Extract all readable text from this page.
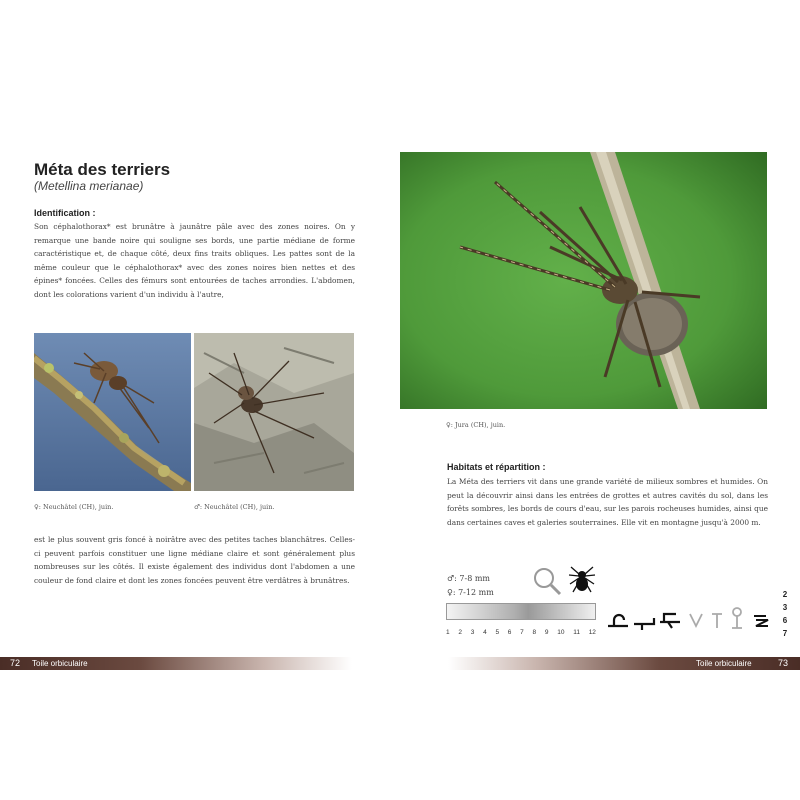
Méta des terriers
(Metellina merianae)
Identification :
Son céphalothorax* est brunâtre à jaunâtre pâle avec des zones noires. On y remarque une bande noire qui souligne ses bords, une partie médiane de forme caractéristique et, de chaque côté, deux fins traits obliques. Les pattes sont de la même couleur que le céphalothorax* avec des zones noires bien nettes et des épines* foncées. Celles des fémurs sont entourées de taches arrondies. L'abdomen, dont les colorations varient d'un individu à l'autre,
♀: Neuchâtel (CH), juin.	♂: Neuchâtel (CH), juin.
est le plus souvent gris foncé à noirâtre avec des petites taches blanchâtres. Celles-ci peuvent parfois constituer une ligne médiane claire et sont généralement plus nombreuses sur les côtés. Il existe également des individus dont l'abdomen a une couleur de fond claire et dont les zones foncées peuvent être verdâtres à brunâtres.
72 Toile orbiculaire
♀: Jura (CH), juin.
Habitats et répartition :
La Méta des terriers vit dans une grande variété de milieux sombres et humides. On peut la découvrir ainsi dans les entrées de grottes et autres cavités du sol, dans les forêts sombres, les bords de cours d'eau, sur les parois rocheuses humides, ainsi que dans certaines caves et galeries souterraines. Elle vit en montagne jusqu'à 2000 m.
♂: 7-8 mm
♀: 7-12 mm
1 2 3 4 5 6 7 8 9 10 11 12
2
3
6
7
Toile orbiculaire	73
